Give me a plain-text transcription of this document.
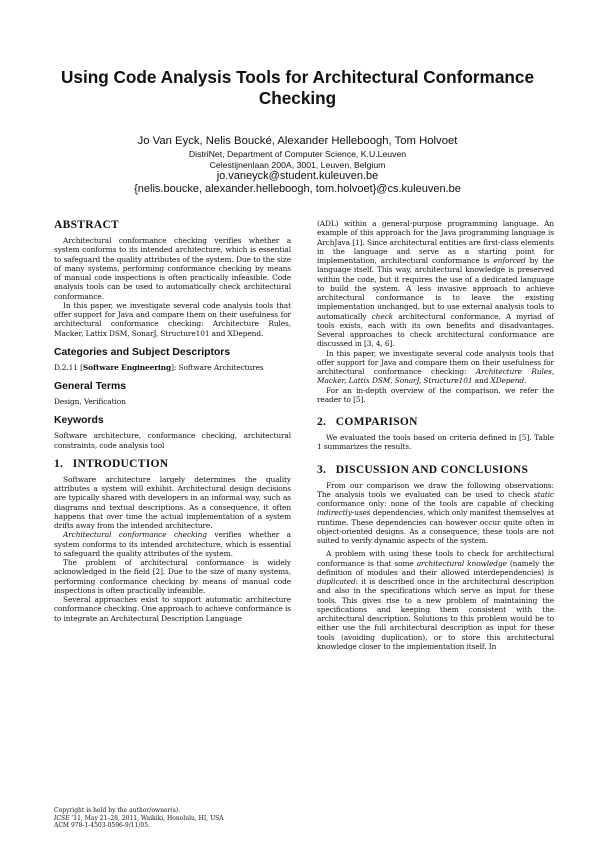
Using Code Analysis Tools for Architectural Conformance Checking
Jo Van Eyck, Nelis Boucké, Alexander Helleboogh, Tom Holvoet
DistriNet, Department of Computer Science, K.U.Leuven
Celestijnenlaan 200A, 3001, Leuven, Belgium
jo.vaneyck@student.kuleuven.be
{nelis.boucke, alexander.helleboogh, tom.holvoet}@cs.kuleuven.be
ABSTRACT

Architectural conformance checking verifies whether a system conforms to its intended architecture, which is essential to safeguard the quality attributes of the system. Due to the size of many systems, performing conformance checking by means of manual code inspections is often practically infeasible. Code analysis tools can be used to automatically check architectural conformance.

In this paper, we investigate several code analysis tools that offer support for Java and compare them on their usefulness for architectural conformance checking: Architecture Rules, Macker, Lattix DSM, SonarJ, Structure101 and XDepend.

Categories and Subject Descriptors

D.2.11 [Software Engineering]: Software Architectures

General Terms

Design, Verification

Keywords

Software architecture, conformance checking, architectural constraints, code analysis tool

1.   INTRODUCTION

Software architecture largely determines the quality attributes a system will exhibit. Architectural design decisions are typically shared with developers in an informal way, such as diagrams and textual descriptions. As a consequence, it often happens that over time the actual implementation of a system drifts away from the intended architecture.

Architectural conformance checking verifies whether a system conforms to its intended architecture, which is essential to safeguard the quality attributes of the system.

The problem of architectural conformance is widely acknowledged in the field [2]. Due to the size of many systems, performing conformance checking by means of manual code inspections is often practically infeasible.

Several approaches exist to support automatic architecture conformance checking. One approach to achieve conformance is to integrate an Architectural Description Language

(ADL) within a general-purpose programming language. An example of this approach for the Java programming language is ArchJava [1]. Since architectural entities are first-class elements in the language and serve as a starting point for implementation, architectural conformance is enforced by the language itself. This way, architectural knowledge is preserved within the code, but it requires the use of a dedicated language to build the system. A less invasive approach to achieve architectural conformance is to leave the existing implementation unchanged, but to use external analysis tools to automatically check architectural conformance. A myriad of tools exists, each with its own benefits and disadvantages. Several approaches to check architectural conformance are discussed in [3, 4, 6].

In this paper, we investigate several code analysis tools that offer support for Java and compare them on their usefulness for architectural conformance checking: Architecture Rules, Macker, Lattix DSM, SonarJ, Structure101 and XDepend.

For an in-depth overview of the comparison, we refer the reader to [5].

2.   COMPARISON

We evaluated the tools based on criteria defined in [5]. Table 1 summarizes the results.

3.   DISCUSSION AND CONCLUSIONS

From our comparison we draw the following observations: The analysis tools we evaluated can be used to check static conformance only: none of the tools are capable of checking indirectly-uses dependencies, which only manifest themselves at runtime. These dependencies can however occur quite often in object-oriented designs. As a consequence, these tools are not suited to verify dynamic aspects of the system.

A problem with using these tools to check for architectural conformance is that some architectural knowledge (namely the definition of modules and their allowed interdependencies) is duplicated: it is described once in the architectural description and also in the specifications which serve as input for these tools. This gives rise to a new problem of maintaining the specifications and keeping them consistent with the architectural description. Solutions to this problem would be to either use the full architectural description as input for these tools (avoiding duplication), or to store this architectural knowledge closer to the implementation itself. In

Copyright is held by the author/owner(s).
ICSE ’11, May 21–28, 2011, Waikiki, Honolulu, HI, USA
ACM 978-1-4503-0596-9/11/05.
